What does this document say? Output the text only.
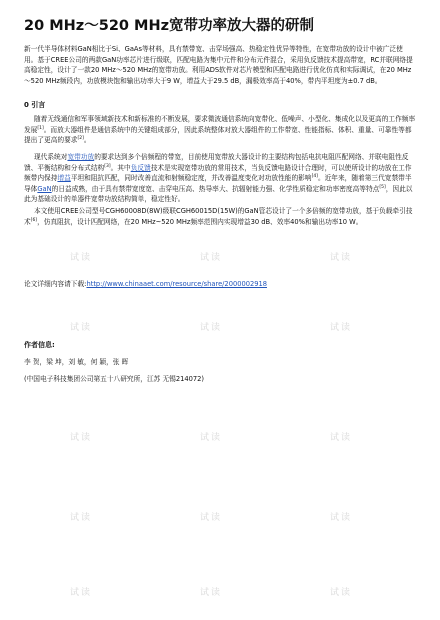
20 MHz～520 MHz宽带功率放大器的研制

新一代半导体材料GaN相比于Si、GaAs等材料，具有禁带宽、击穿场强高、热稳定性优异等特性，在宽带功放的设计中被广泛使用。基于CREE公司的两款GaN功率芯片进行级联，匹配电路为集中元件和分布元件混合，采用负反馈技术提高带宽，RC并联网络提高稳定性，设计了一款20 MHz～520 MHz的宽带功放。利用ADS软件对芯片模型和匹配电路进行优化仿真和实际调试，在20 MHz～520 MHz频段内，功放模块饱和输出功率大于9 W，增益大于29.5 dB，漏极效率高于40%，带内平坦度为±0.7 dB。

0 引言

随着无线通信和军事领域新技术和新标准的不断发展，要求微波通信系统向宽带化、低噪声、小型化、集成化以及更高的工作频率发展[1]。而放大器组件是通信系统中的关键组成部分，因此系统整体对放大器组件的工作带宽、性能指标、体积、重量、可靠性等都提出了更高的要求[2]。

现代系统对宽带功放的要求达到多个倍频程的带宽，目前使用宽带放大器设计的主要结构包括电抗电阻匹配网络、并联电阻性反馈、平衡结构和分布式结构[3]。其中负反馈技术是实现宽带功放的常用技术，当负反馈电路设计合理时，可以使所设计的功放在工作频带内保持增益平坦和阻抗匹配，同时改善直流和射频稳定度，并改善温度变化对功放性能的影响[4]。近年来，随着第三代宽禁带半导体GaN的日益成熟，由于具有禁带宽度宽、击穿电压高、热导率大、抗辐射能力强、化学性质稳定和功率密度高等特点[5]，因此以此为基础设计的单器件宽带功放结构简单，稳定性好。

本文使用CREE公司型号CGH60008D(8W)级联CGH60015D(15W)的GaN管芯设计了一个多倍频的宽带功放，基于负载牵引技术[6]，仿真阻抗，设计匹配网络，在20 MHz~520 MHz频率范围内实现增益30 dB、效率40%和输出功率10 W。

论文详细内容请下载:http://www.chinaaet.com/resource/share/2000002918
作者信息:
李 贺，梁 坤，刘 敏，何 颖，张 晖
(中国电子科技集团公司第五十八研究所，江苏 无锡214072)
试读	试读	试读
试读	试读	试读
试读	试读	试读
试读	试读	试读
试读	试读	试读
